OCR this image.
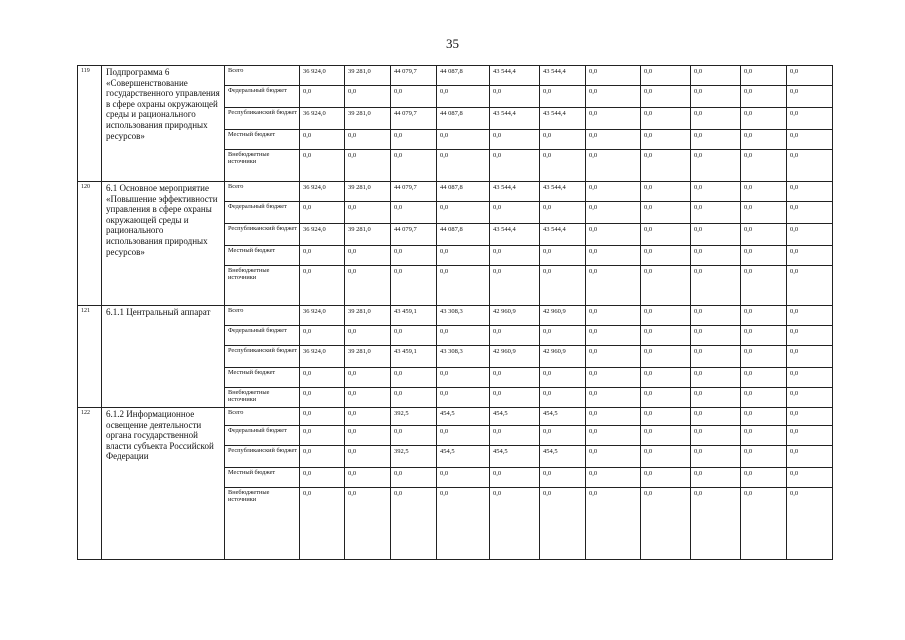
35
119	Подпрограмма 6 «Совершенствование государственного управления в сфере охраны окружающей среды и рационального использования природных ресурсов»	Всего	36 924,0	39 281,0	44 079,7	44 087,8	43 544,4	43 544,4	0,0	0,0	0,0	0,0	0,0
		Федеральный бюджет	0,0	0,0	0,0	0,0	0,0	0,0	0,0	0,0	0,0	0,0	0,0
		Республиканский бюджет	36 924,0	39 281,0	44 079,7	44 087,8	43 544,4	43 544,4	0,0	0,0	0,0	0,0	0,0
		Местный бюджет	0,0	0,0	0,0	0,0	0,0	0,0	0,0	0,0	0,0	0,0	0,0
		Внебюджетные источники	0,0	0,0	0,0	0,0	0,0	0,0	0,0	0,0	0,0	0,0	0,0
120	6.1 Основное мероприятие «Повышение эффективности управления в сфере охраны окружающей среды и рационального использования природных ресурсов»	Всего	36 924,0	39 281,0	44 079,7	44 087,8	43 544,4	43 544,4	0,0	0,0	0,0	0,0	0,0
		Федеральный бюджет	0,0	0,0	0,0	0,0	0,0	0,0	0,0	0,0	0,0	0,0	0,0
		Республиканский бюджет	36 924,0	39 281,0	44 079,7	44 087,8	43 544,4	43 544,4	0,0	0,0	0,0	0,0	0,0
		Местный бюджет	0,0	0,0	0,0	0,0	0,0	0,0	0,0	0,0	0,0	0,0	0,0
		Внебюджетные источники	0,0	0,0	0,0	0,0	0,0	0,0	0,0	0,0	0,0	0,0	0,0
121	6.1.1 Центральный аппарат	Всего	36 924,0	39 281,0	43 459,1	43 308,3	42 960,9	42 960,9	0,0	0,0	0,0	0,0	0,0
		Федеральный бюджет	0,0	0,0	0,0	0,0	0,0	0,0	0,0	0,0	0,0	0,0	0,0
		Республиканский бюджет	36 924,0	39 281,0	43 459,1	43 308,3	42 960,9	42 960,9	0,0	0,0	0,0	0,0	0,0
		Местный бюджет	0,0	0,0	0,0	0,0	0,0	0,0	0,0	0,0	0,0	0,0	0,0
		Внебюджетные источники	0,0	0,0	0,0	0,0	0,0	0,0	0,0	0,0	0,0	0,0	0,0
122	6.1.2 Информационное освещение деятельности органа государственной власти субъекта Российской Федерации	Всего	0,0	0,0	392,5	454,5	454,5	454,5	0,0	0,0	0,0	0,0	0,0
		Федеральный бюджет	0,0	0,0	0,0	0,0	0,0	0,0	0,0	0,0	0,0	0,0	0,0
		Республиканский бюджет	0,0	0,0	392,5	454,5	454,5	454,5	0,0	0,0	0,0	0,0	0,0
		Местный бюджет	0,0	0,0	0,0	0,0	0,0	0,0	0,0	0,0	0,0	0,0	0,0
		Внебюджетные источники	0,0	0,0	0,0	0,0	0,0	0,0	0,0	0,0	0,0	0,0	0,0
